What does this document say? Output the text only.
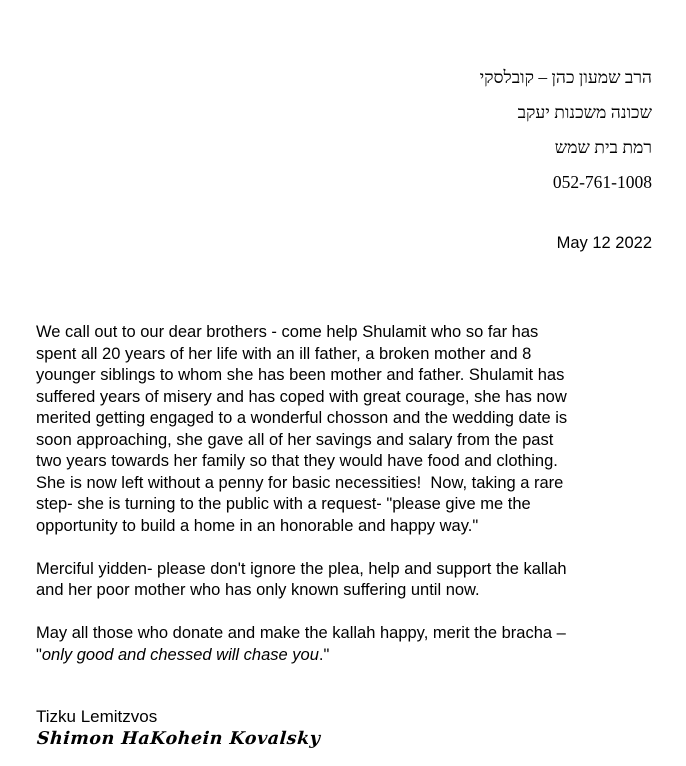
הרב שמעון כהן – קובלסקי
שכונה משכנות יעקב
רמת בית שמש
052-761-1008
May 12 2022

We call out to our dear brothers - come help Shulamit who so far has
spent all 20 years of her life with an ill father, a broken mother and 8
younger siblings to whom she has been mother and father. Shulamit has
suffered years of misery and has coped with great courage, she has now
merited getting engaged to a wonderful chosson and the wedding date is
soon approaching, she gave all of her savings and salary from the past
two years towards her family so that they would have food and clothing.
She is now left without a penny for basic necessities!  Now, taking a rare
step- she is turning to the public with a request- "please give me the
opportunity to build a home in an honorable and happy way."

Merciful yidden- please don't ignore the plea, help and support the kallah
and her poor mother who has only known suffering until now.

May all those who donate and make the kallah happy, merit the bracha –
"only good and chessed will chase you."

Tizku Lemitzvos
Shimon HaKohein Kovalsky
